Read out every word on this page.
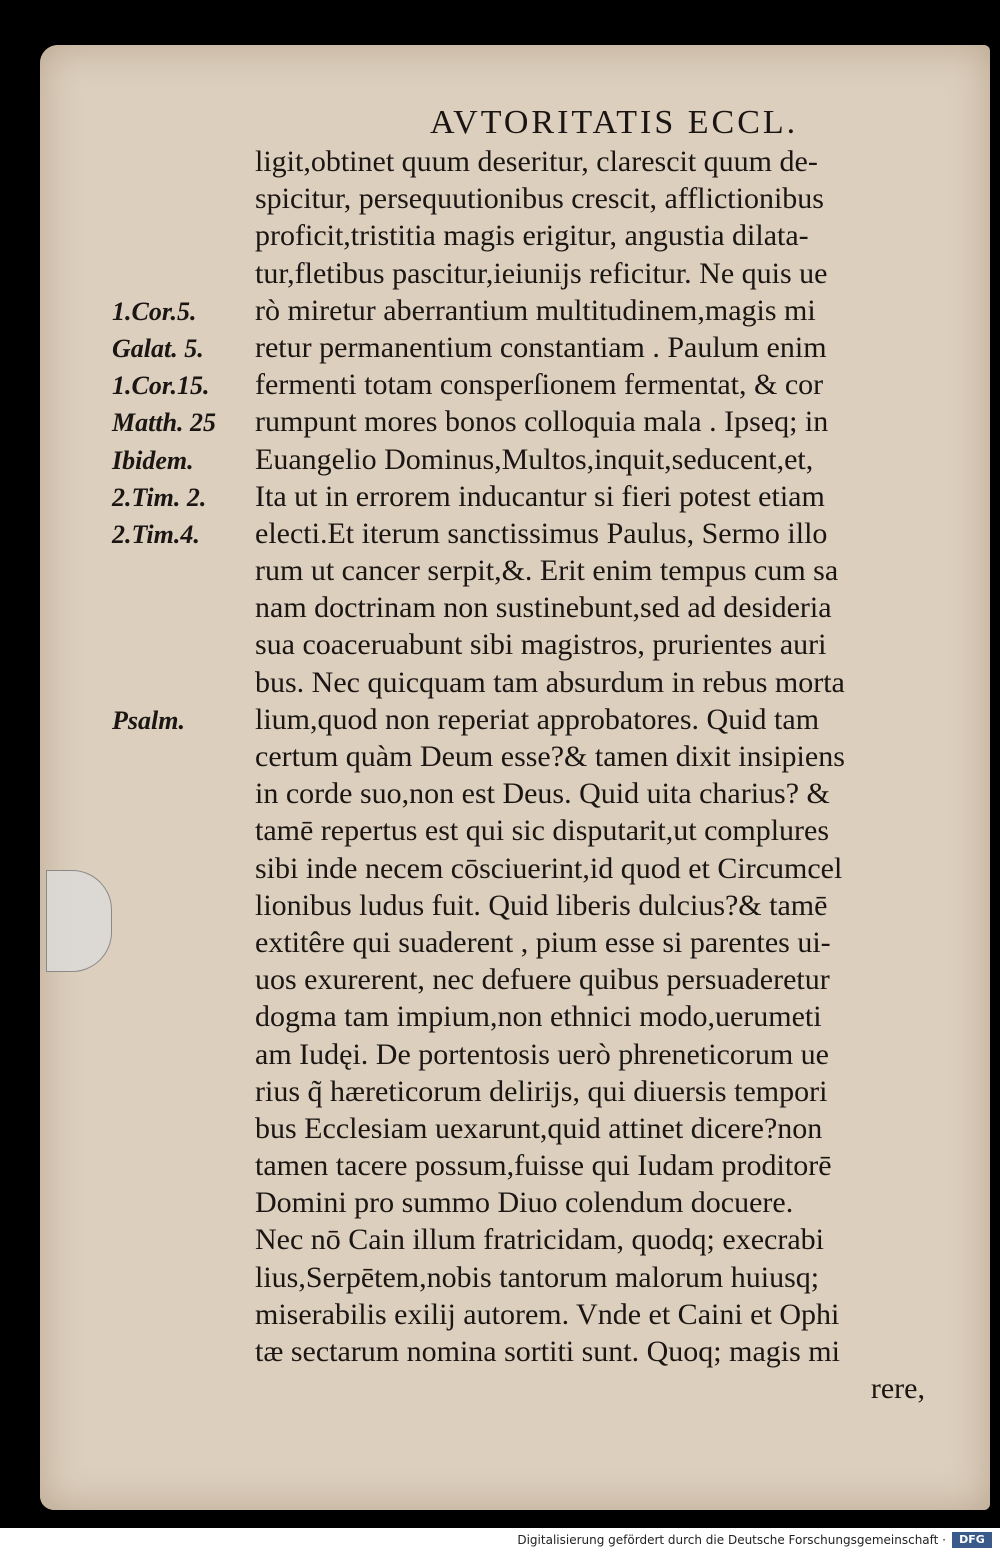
AVTORITATIS ECCL.
ligit,obtinet quum deseritur, clarescit quum de-
spicitur, persequutionibus crescit, afflictionibus
proficit,tristitia magis erigitur, angustia dilata-
tur,fletibus pascitur,ieiunijs reficitur. Ne quis ue
rò miretur aberrantium multitudinem,magis mi
retur permanentium constantiam . Paulum enim
fermenti totam consperſionem fermentat, & cor
rumpunt mores bonos colloquia mala . Ipseq; in
Euangelio Dominus,Multos,inquit,seducent,et,
Ita ut in errorem inducantur si fieri potest etiam
electi.Et iterum sanctissimus Paulus, Sermo illo
rum ut cancer serpit,&. Erit enim tempus cum sa
nam doctrinam non sustinebunt,sed ad desideria
sua coaceruabunt sibi magistros, prurientes auri
bus. Nec quicquam tam absurdum in rebus morta
lium,quod non reperiat approbatores. Quid tam
certum quàm Deum esse?& tamen dixit insipiens
in corde suo,non est Deus. Quid uita charius? &
tamē repertus est qui sic disputarit,ut complures
sibi inde necem cōsciuerint,id quod et Circumcel
lionibus ludus fuit. Quid liberis dulcius?& tamē
extitêre qui suaderent , pium esse si parentes ui-
uos exurerent, nec defuere quibus persuaderetur
dogma tam impium,non ethnici modo,uerumeti
am Iudęi. De portentosis uerò phreneticorum ue
rius q̃ hæreticorum delirijs, qui diuersis tempori
bus Ecclesiam uexarunt,quid attinet dicere?non
tamen tacere possum,fuisse qui Iudam proditorē
Domini pro summo Diuo colendum docuere.
Nec nō Cain illum fratricidam, quodq; execrabi
lius,Serpētem,nobis tantorum malorum huiusq;
miserabilis exilij autorem. Vnde et Caini et Ophi
tæ sectarum nomina sortiti sunt. Quoq; magis mi
rere,
1.Cor.5.
Galat. 5.
1.Cor.15.
Matth. 25
Ibidem.
2.Tim. 2.
2.Tim.4.
Psalm.
Digitalisierung gefördert durch die Deutsche Forschungsgemeinschaft ·	DFG
